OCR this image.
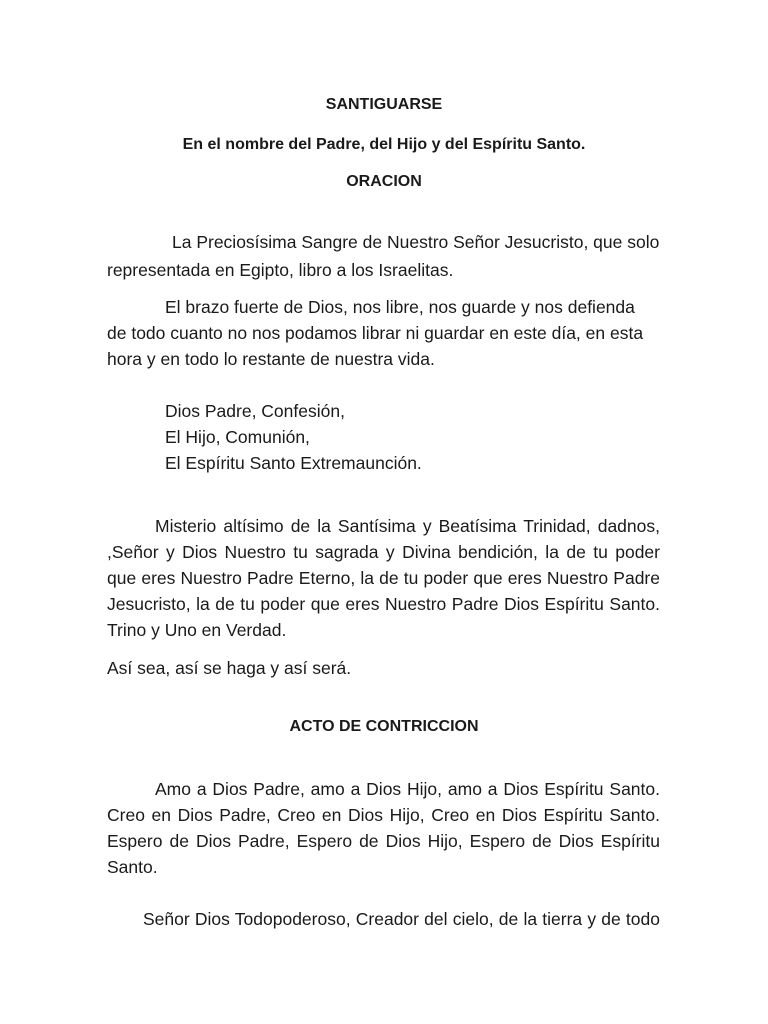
SANTIGUARSE
En el nombre del Padre, del Hijo y del Espíritu Santo.
ORACION
La Preciosísima Sangre de Nuestro Señor Jesucristo, que solo
representada en Egipto, libro a los Israelitas.
El brazo fuerte de Dios, nos libre, nos guarde y nos defienda
de todo cuanto no nos podamos librar ni guardar en este día, en esta
hora y en todo lo restante de nuestra vida.
Dios Padre, Confesión,
El Hijo, Comunión,
El Espíritu Santo Extremaunción.
Misterio altísimo de la Santísima y Beatísima Trinidad, dadnos,
,Señor y Dios Nuestro tu sagrada y Divina bendición, la de tu poder
que eres Nuestro Padre Eterno, la de tu poder que eres Nuestro Padre
Jesucristo, la de tu poder que eres Nuestro Padre Dios Espíritu Santo.
Trino y Uno en Verdad.
Así sea, así se haga y así será.
ACTO DE CONTRICCION
Amo a Dios Padre, amo a Dios Hijo, amo a Dios Espíritu Santo.
Creo en Dios Padre, Creo en Dios Hijo, Creo en Dios Espíritu Santo.
Espero de Dios Padre, Espero de Dios Hijo, Espero de Dios Espíritu
Santo.
Señor Dios Todopoderoso, Creador del cielo, de la tierra y de todo
